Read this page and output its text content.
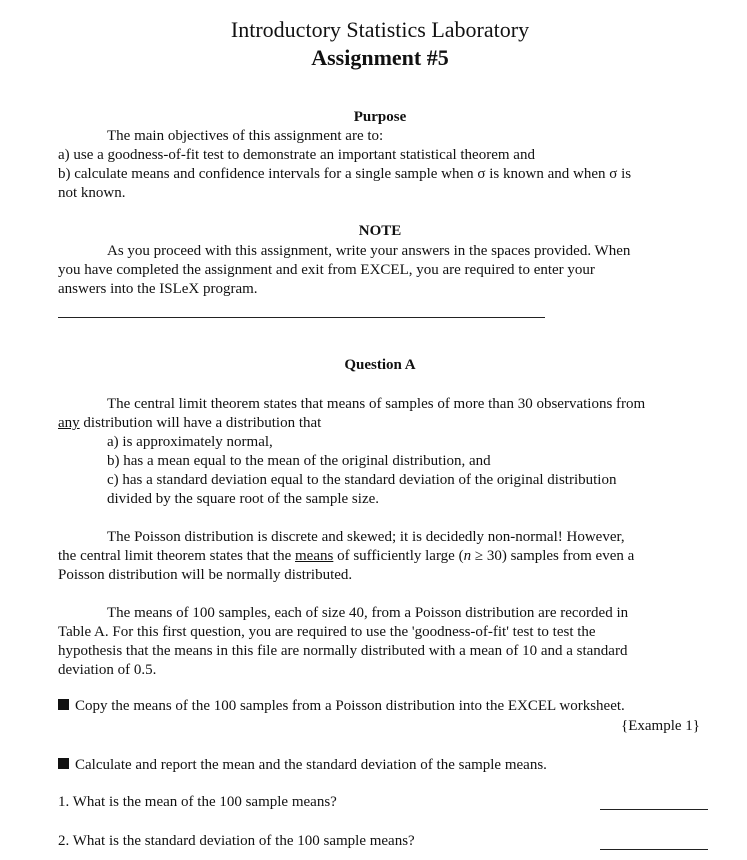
Introductory Statistics Laboratory
Assignment #5
Purpose
The main objectives of this assignment are to:
a) use a goodness-of-fit test to demonstrate an important statistical theorem and
b) calculate means and confidence intervals for a single sample when σ is known and when σ is
not known.
NOTE
As you proceed with this assignment, write your answers in the spaces provided. When
you have completed the assignment and exit from EXCEL, you are required to enter your
answers into the ISLeX program.
Question A
The central limit theorem states that means of samples of more than 30 observations from
any distribution will have a distribution that
a) is approximately normal,
b) has a mean equal to the mean of the original distribution, and
c) has a standard deviation equal to the standard deviation of the original distribution
divided by the square root of the sample size.
The Poisson distribution is discrete and skewed; it is decidedly non-normal! However,
the central limit theorem states that the means of sufficiently large (n ≥ 30) samples from even a
Poisson distribution will be normally distributed.
The means of 100 samples, each of size 40, from a Poisson distribution are recorded in
Table A. For this first question, you are required to use the 'goodness-of-fit' test to test the
hypothesis that the means in this file are normally distributed with a mean of 10 and a standard
deviation of 0.5.
Copy the means of the 100 samples from a Poisson distribution into the EXCEL worksheet.
{Example 1}
Calculate and report the mean and the standard deviation of the sample means.
1. What is the mean of the 100 sample means?
2. What is the standard deviation of the 100 sample means?
